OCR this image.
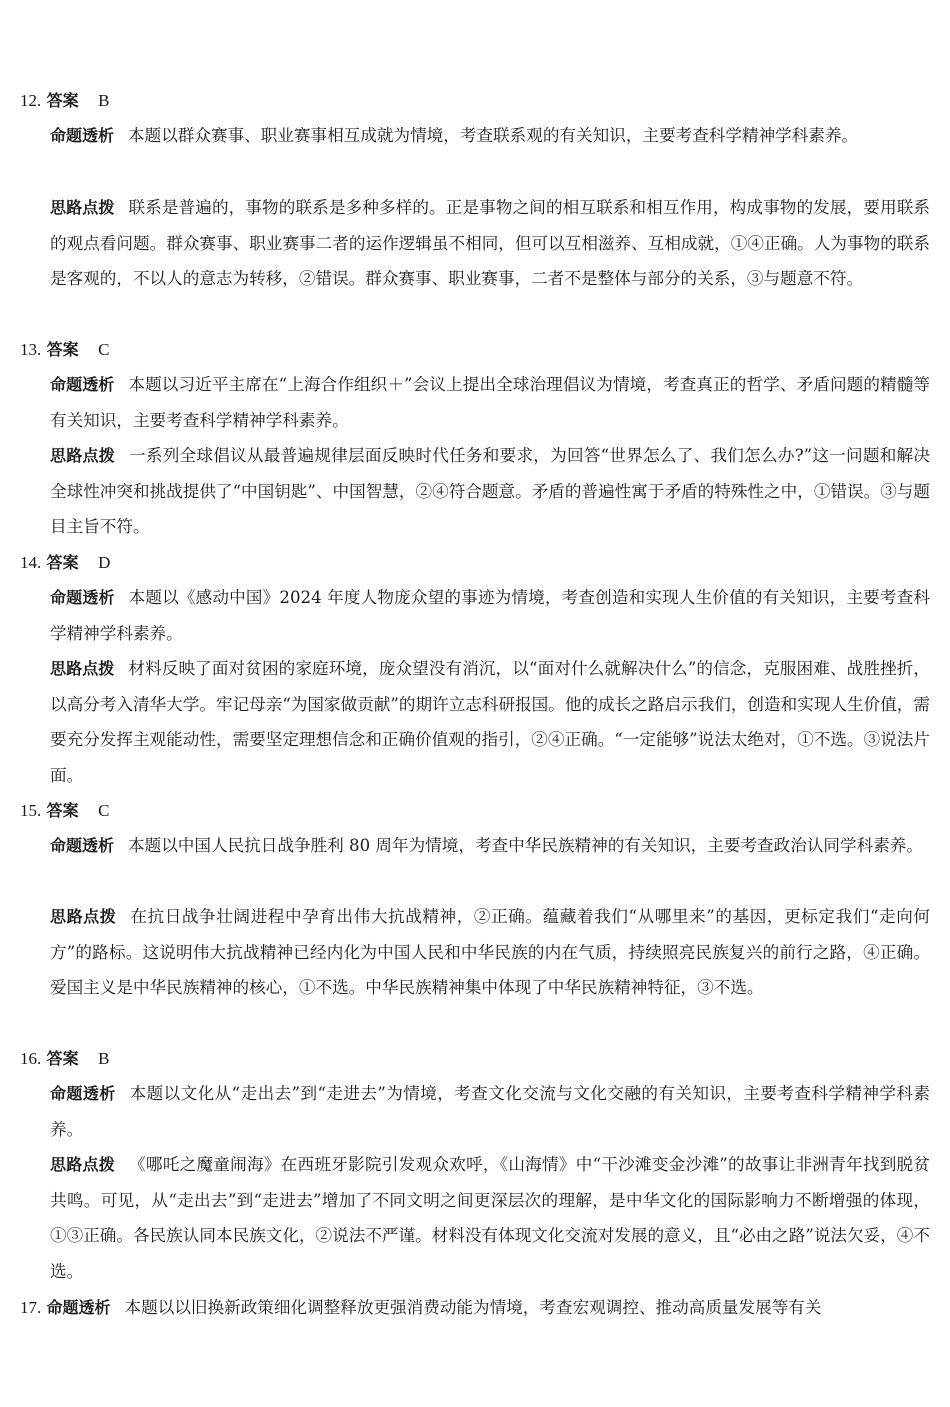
12. 答案 B
命题透析 本题以群众赛事、职业赛事相互成就为情境，考查联系观的有关知识，主要考查科学精神学科素养。
思路点拨 联系是普遍的，事物的联系是多种多样的。正是事物之间的相互联系和相互作用，构成事物的发展，要用联系的观点看问题。群众赛事、职业赛事二者的运作逻辑虽不相同，但可以互相滋养、互相成就，①④正确。人为事物的联系是客观的，不以人的意志为转移，②错误。群众赛事、职业赛事，二者不是整体与部分的关系，③与题意不符。
13. 答案 C
命题透析 本题以习近平主席在“上海合作组织＋”会议上提出全球治理倡议为情境，考查真正的哲学、矛盾问题的精髓等有关知识，主要考查科学精神学科素养。
思路点拨 一系列全球倡议从最普遍规律层面反映时代任务和要求，为回答“世界怎么了、我们怎么办?”这一问题和解决全球性冲突和挑战提供了“中国钥匙”、中国智慧，②④符合题意。矛盾的普遍性寓于矛盾的特殊性之中，①错误。③与题目主旨不符。
14. 答案 D
命题透析 本题以《感动中国》2024 年度人物庞众望的事迹为情境，考查创造和实现人生价值的有关知识，主要考查科学精神学科素养。
思路点拨 材料反映了面对贫困的家庭环境，庞众望没有消沉，以“面对什么就解决什么”的信念，克服困难、战胜挫折，以高分考入清华大学。牢记母亲“为国家做贡献”的期许立志科研报国。他的成长之路启示我们，创造和实现人生价值，需要充分发挥主观能动性，需要坚定理想信念和正确价值观的指引，②④正确。“一定能够”说法太绝对，①不选。③说法片面。
15. 答案 C
命题透析 本题以中国人民抗日战争胜利 80 周年为情境，考查中华民族精神的有关知识，主要考查政治认同学科素养。
思路点拨 在抗日战争壮阔进程中孕育出伟大抗战精神，②正确。蕴藏着我们“从哪里来”的基因，更标定我们“走向何方”的路标。这说明伟大抗战精神已经内化为中国人民和中华民族的内在气质，持续照亮民族复兴的前行之路，④正确。爱国主义是中华民族精神的核心，①不选。中华民族精神集中体现了中华民族精神特征，③不选。
16. 答案 B
命题透析 本题以文化从“走出去”到“走进去”为情境，考查文化交流与文化交融的有关知识，主要考查科学精神学科素养。
思路点拨 《哪吒之魔童闹海》在西班牙影院引发观众欢呼，《山海情》中“干沙滩变金沙滩”的故事让非洲青年找到脱贫共鸣。可见，从“走出去”到“走进去”增加了不同文明之间更深层次的理解，是中华文化的国际影响力不断增强的体现，①③正确。各民族认同本民族文化，②说法不严谨。材料没有体现文化交流对发展的意义，且“必由之路”说法欠妥，④不选。
17. 命题透析 本题以以旧换新政策细化调整释放更强消费动能为情境，考查宏观调控、推动高质量发展等有关
